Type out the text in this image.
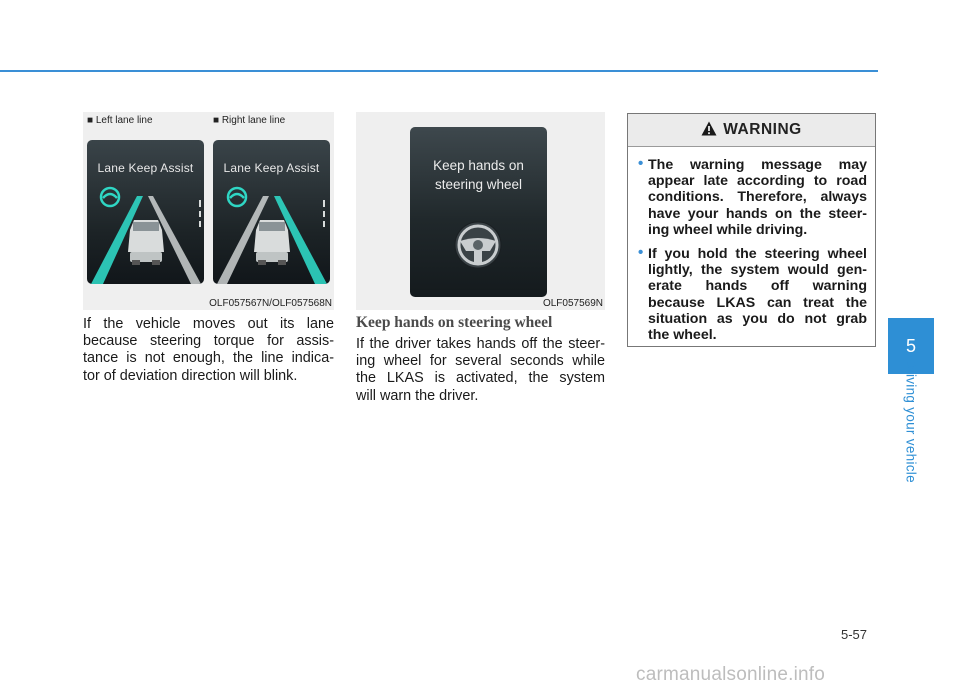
■ Left lane line	■ Right lane line
Lane Keep Assist	Lane Keep Assist
OLF057567N/OLF057568N

If the vehicle moves out its lane
because steering torque for assis-
tance is not enough, the line indica-
tor of deviation direction will blink.

Keep hands on
steering wheel
OLF057569N
Keep hands on steering wheel

If the driver takes hands off the steer-
ing wheel for several seconds while
the LKAS is activated, the system
will warn the driver.

WARNING
• The warning message may
appear late according to road
conditions. Therefore, always
have your hands on the steer-
ing wheel while driving.
• If you hold the steering wheel
lightly, the system would gen-
erate hands off warning
because LKAS can treat the
situation as you do not grab
the wheel.
5
Driving your vehicle
5-57
carmanualsonline.info
